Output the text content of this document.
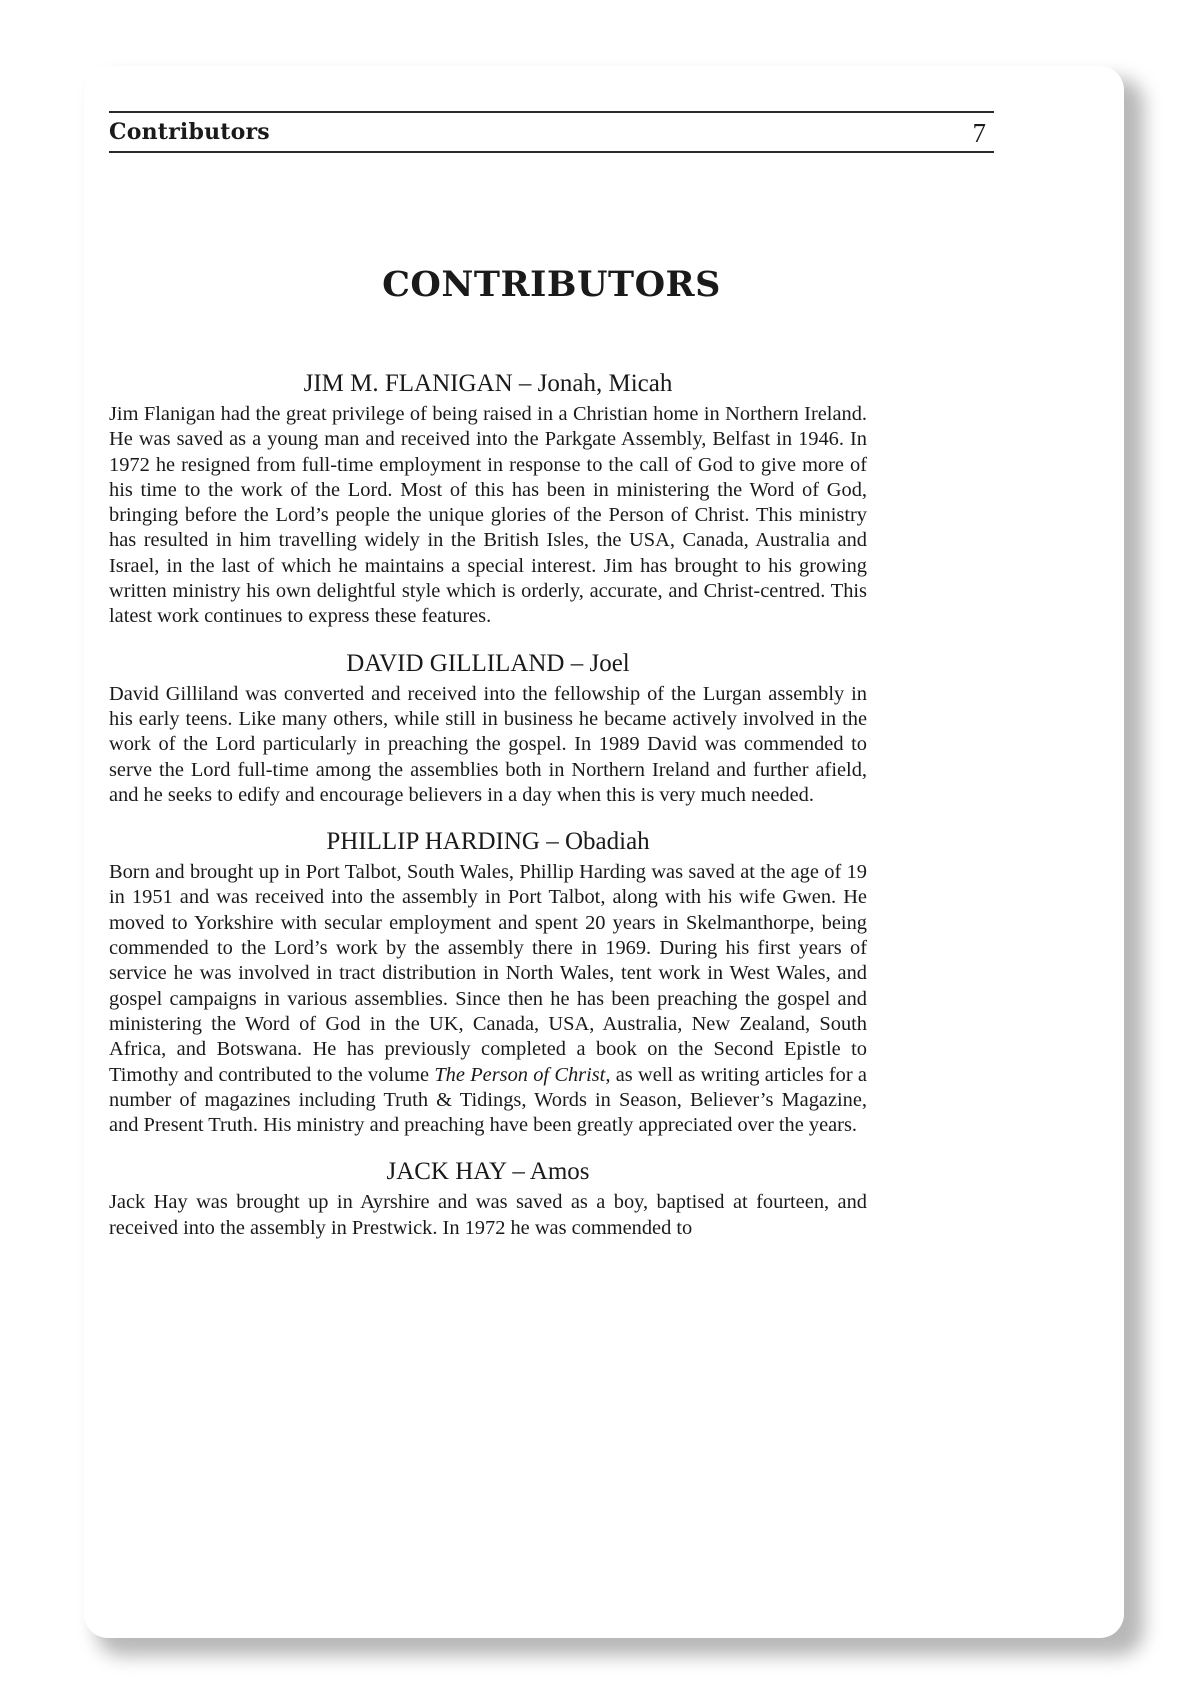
Contributors	7
CONTRIBUTORS
JIM M. FLANIGAN – Jonah, Micah

Jim Flanigan had the great privilege of being raised in a Christian home in Northern Ireland. He was saved as a young man and received into the Parkgate Assembly, Belfast in 1946. In 1972 he resigned from full-time employment in response to the call of God to give more of his time to the work of the Lord. Most of this has been in ministering the Word of God, bringing before the Lord’s people the unique glories of the Person of Christ. This ministry has resulted in him travelling widely in the British Isles, the USA, Canada, Australia and Israel, in the last of which he maintains a special interest. Jim has brought to his growing written ministry his own delightful style which is orderly, accurate, and Christ-centred. This latest work continues to express these features.

DAVID GILLILAND – Joel

David Gilliland was converted and received into the fellowship of the Lurgan assembly in his early teens. Like many others, while still in business he became actively involved in the work of the Lord particularly in preaching the gospel. In 1989 David was commended to serve the Lord full-time among the assemblies both in Northern Ireland and further afield, and he seeks to edify and encourage believers in a day when this is very much needed.

PHILLIP HARDING – Obadiah

Born and brought up in Port Talbot, South Wales, Phillip Harding was saved at the age of 19 in 1951 and was received into the assembly in Port Talbot, along with his wife Gwen. He moved to Yorkshire with secular employment and spent 20 years in Skelmanthorpe, being commended to the Lord’s work by the assembly there in 1969. During his first years of service he was involved in tract distribution in North Wales, tent work in West Wales, and gospel campaigns in various assemblies. Since then he has been preaching the gospel and ministering the Word of God in the UK, Canada, USA, Australia, New Zealand, South Africa, and Botswana. He has previously completed a book on the Second Epistle to Timothy and contributed to the volume The Person of Christ, as well as writing articles for a number of magazines including Truth & Tidings, Words in Season, Believer’s Magazine, and Present Truth. His ministry and preaching have been greatly appreciated over the years.

JACK HAY – Amos

Jack Hay was brought up in Ayrshire and was saved as a boy, baptised at fourteen, and received into the assembly in Prestwick. In 1972 he was commended to
